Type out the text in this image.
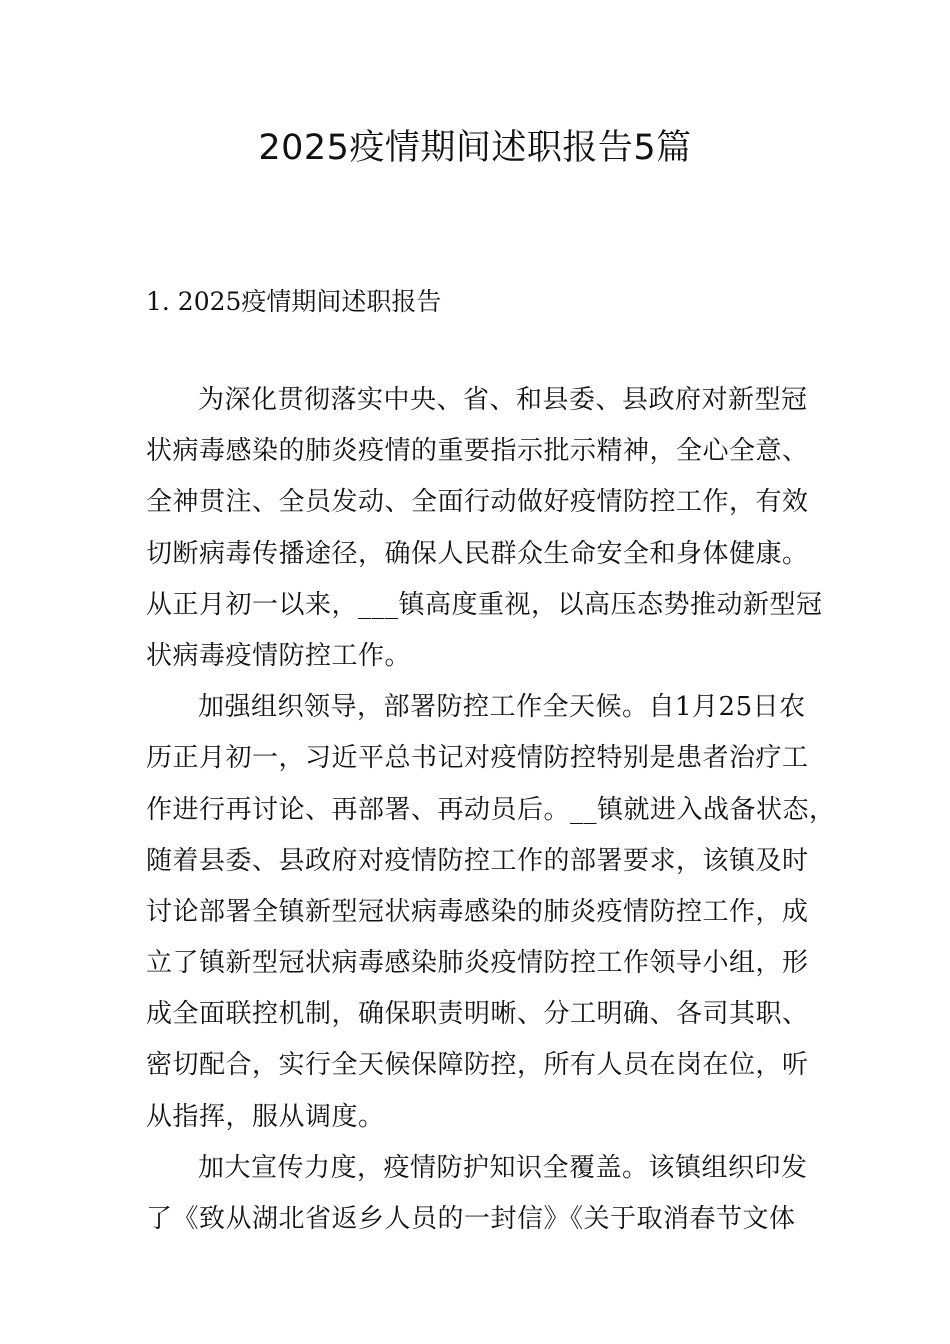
2025疫情期间述职报告5篇
1. 2025疫情期间述职报告
为深化贯彻落实中央、省、和县委、县政府对新型冠
状病毒感染的肺炎疫情的重要指示批示精神，全心全意、
全神贯注、全员发动、全面行动做好疫情防控工作，有效
切断病毒传播途径，确保人民群众生命安全和身体健康。
从正月初一以来，___镇高度重视，以高压态势推动新型冠
状病毒疫情防控工作。
加强组织领导，部署防控工作全天候。自1月25日农
历正月初一，习近平总书记对疫情防控特别是患者治疗工
作进行再讨论、再部署、再动员后。__镇就进入战备状态，
随着县委、县政府对疫情防控工作的部署要求，该镇及时
讨论部署全镇新型冠状病毒感染的肺炎疫情防控工作，成
立了镇新型冠状病毒感染肺炎疫情防控工作领导小组，形
成全面联控机制，确保职责明晰、分工明确、各司其职、
密切配合，实行全天候保障防控，所有人员在岗在位，听
从指挥，服从调度。
加大宣传力度，疫情防护知识全覆盖。该镇组织印发
了《致从湖北省返乡人员的一封信》《关于取消春节文体
